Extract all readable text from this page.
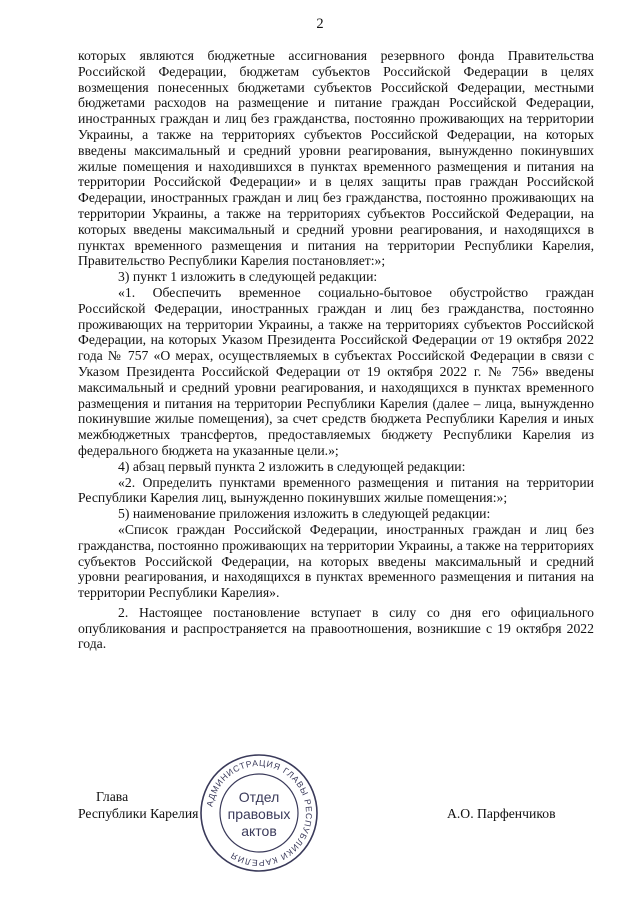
2

которых являются бюджетные ассигнования резервного фонда Правительства Российской Федерации, бюджетам субъектов Российской Федерации в целях возмещения понесенных бюджетами субъектов Российской Федерации, местными бюджетами расходов на размещение и питание граждан Российской Федерации, иностранных граждан и лиц без гражданства, постоянно проживающих на территории Украины, а также на территориях субъектов Российской Федерации, на которых введены максимальный и средний уровни реагирования, вынужденно покинувших жилые помещения и находившихся в пунктах временного размещения и питания на территории Российской Федерации» и в целях защиты прав граждан Российской Федерации, иностранных граждан и лиц без гражданства, постоянно проживающих на территории Украины, а также на территориях субъектов Российской Федерации, на которых введены максимальный и средний уровни реагирования, и находящихся в пунктах временного размещения и питания на территории Республики Карелия, Правительство Республики Карелия постановляет:»;

3) пункт 1 изложить в следующей редакции:

«1. Обеспечить временное социально-бытовое обустройство граждан Российской Федерации, иностранных граждан и лиц без гражданства, постоянно проживающих на территории Украины, а также на территориях субъектов Российской Федерации, на которых Указом Президента Российской Федерации от 19 октября 2022 года № 757 «О мерах, осуществляемых в субъектах Российской Федерации в связи с Указом Президента Российской Федерации от 19 октября 2022 г. № 756» введены максимальный и средний уровни реагирования, и находящихся в пунктах временного размещения и питания на территории Республики Карелия (далее – лица, вынужденно покинувшие жилые помещения), за счет средств бюджета Республики Карелия и иных межбюджетных трансфертов, предоставляемых бюджету Республики Карелия из федерального бюджета на указанные цели.»;

4) абзац первый пункта 2 изложить в следующей редакции:

«2. Определить пунктами временного размещения и питания на территории Республики Карелия лиц, вынужденно покинувших жилые помещения:»;

5) наименование приложения изложить в следующей редакции:

«Список граждан Российской Федерации, иностранных граждан и лиц без гражданства, постоянно проживающих на территории Украины, а также на территориях субъектов Российской Федерации, на которых введены максимальный и средний уровни реагирования, и находящихся в пунктах временного размещения и питания на территории Республики Карелия».

2. Настоящее постановление вступает в силу со дня его официального опубликования и распространяется на правоотношения, возникшие с 19 октября 2022 года.

Глава
Республики Карелия	А.О. Парфенчиков
АДМИНИСТРАЦИЯ ГЛАВЫ РЕСПУБЛИКИ КАРЕЛИЯ
Отдел
правовых
актов
